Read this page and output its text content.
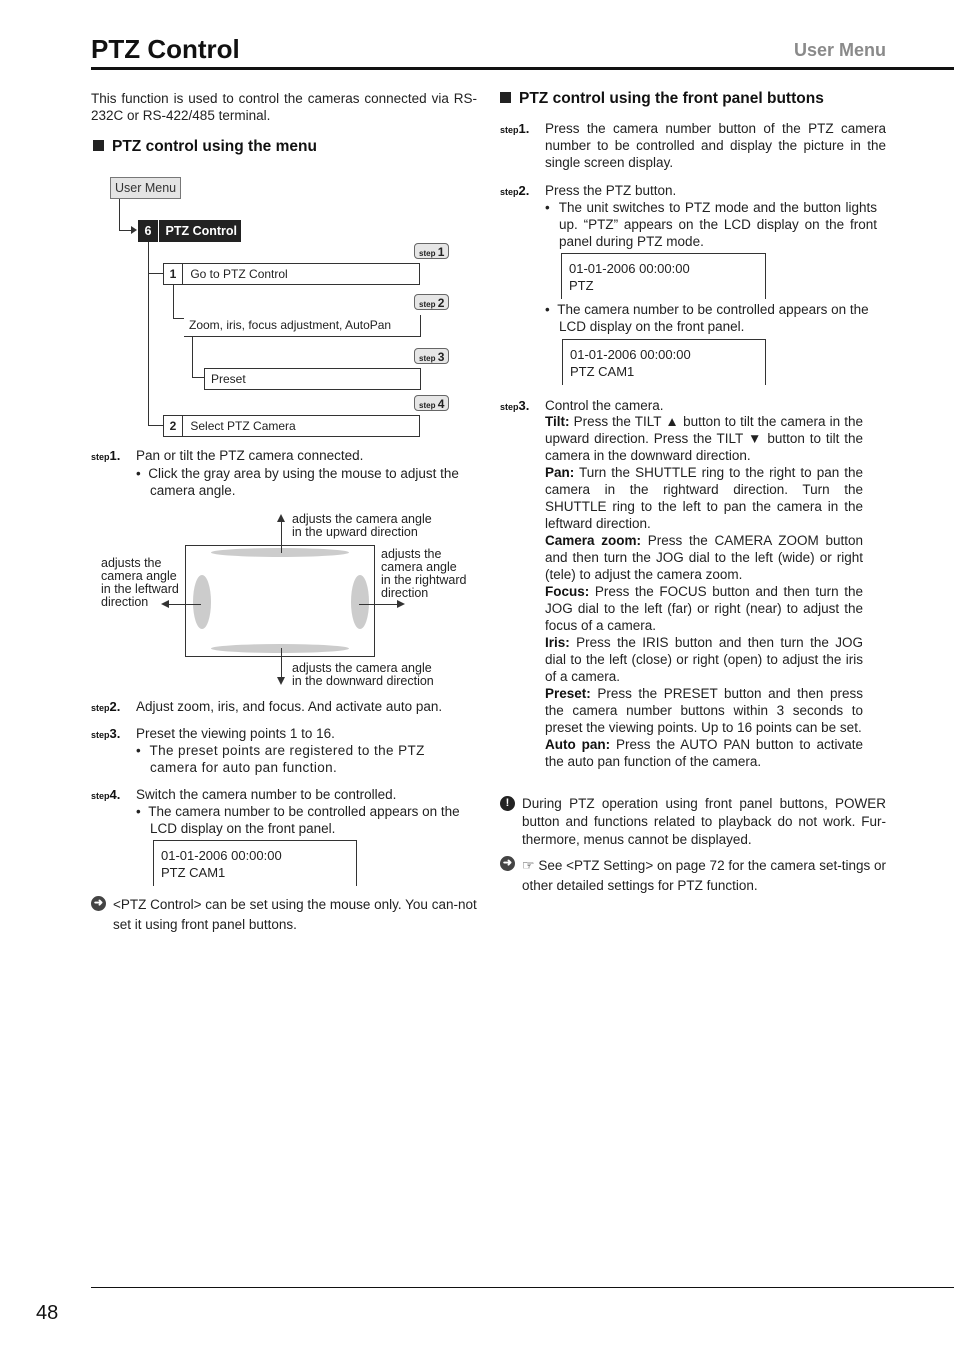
PTZ Control	User Menu
This function is used to control the cameras connected via RS-232C or RS-422/485 terminal.
PTZ control using the menu
User Menu
6 PTZ Control
step 1
1 Go to PTZ Control
step 2
Zoom, iris, focus adjustment, AutoPan
step 3
Preset
step 4
2 Select PTZ Camera
step1. Pan or tilt the PTZ camera connected.
•  Click the gray area by using the mouse to adjust the camera angle.
adjusts the camera angle
in the upward direction
adjusts the camera angle
in the downward direction
adjusts the
camera angle
in the leftward
direction
adjusts the
camera angle
in the rightward
direction
step2. Adjust zoom, iris, and focus. And activate auto pan.
step3. Preset the viewing points 1 to 16.
•  The preset points are registered to the PTZ camera for auto pan function.
step4. Switch the camera number to be controlled.
•  The camera number to be controlled appears on the LCD display on the front panel.
01-01-2006 00:00:00
PTZ CAM1
➜ <PTZ Control> can be set using the mouse only. You can-not set it using front panel buttons.
PTZ control using the front panel buttons
step1. Press the camera number button of the PTZ camera number to be controlled and display the picture in the single screen display.
step2. Press the PTZ button.
•  The unit switches to PTZ mode and the button lights up. “PTZ” appears on the LCD display on the front panel during PTZ mode.
01-01-2006 00:00:00
PTZ
•  The camera number to be controlled appears on the LCD display on the front panel.
01-01-2006 00:00:00
PTZ CAM1
step3. Control the camera.
Tilt: Press the TILT ▲ button to tilt the camera in the upward direction. Press the TILT ▼ button to tilt the camera in the downward direction.
Pan: Turn the SHUTTLE ring to the right to pan the camera in the rightward direction. Turn the SHUTTLE ring to the left to pan the camera in the leftward direction.
Camera zoom: Press the CAMERA ZOOM button and then turn the JOG dial to the left (wide) or right (tele) to adjust the camera zoom.
Focus: Press the FOCUS button and then turn the JOG dial to the left (far) or right (near) to adjust the focus of a camera.
Iris: Press the IRIS button and then turn the JOG dial to the left (close) or right (open) to adjust the iris of a camera.
Preset: Press the PRESET button and then press the camera number buttons within 3 seconds to preset the viewing points. Up to 16 points can be set.
Auto pan: Press the AUTO PAN button to activate the auto pan function of the camera.
! During PTZ operation using front panel buttons, POWER button and functions related to playback do not work. Fur-thermore, menus cannot be displayed.
➜ ☞ See <PTZ Setting> on page 72 for the camera set-tings or other detailed settings for PTZ function.
48
